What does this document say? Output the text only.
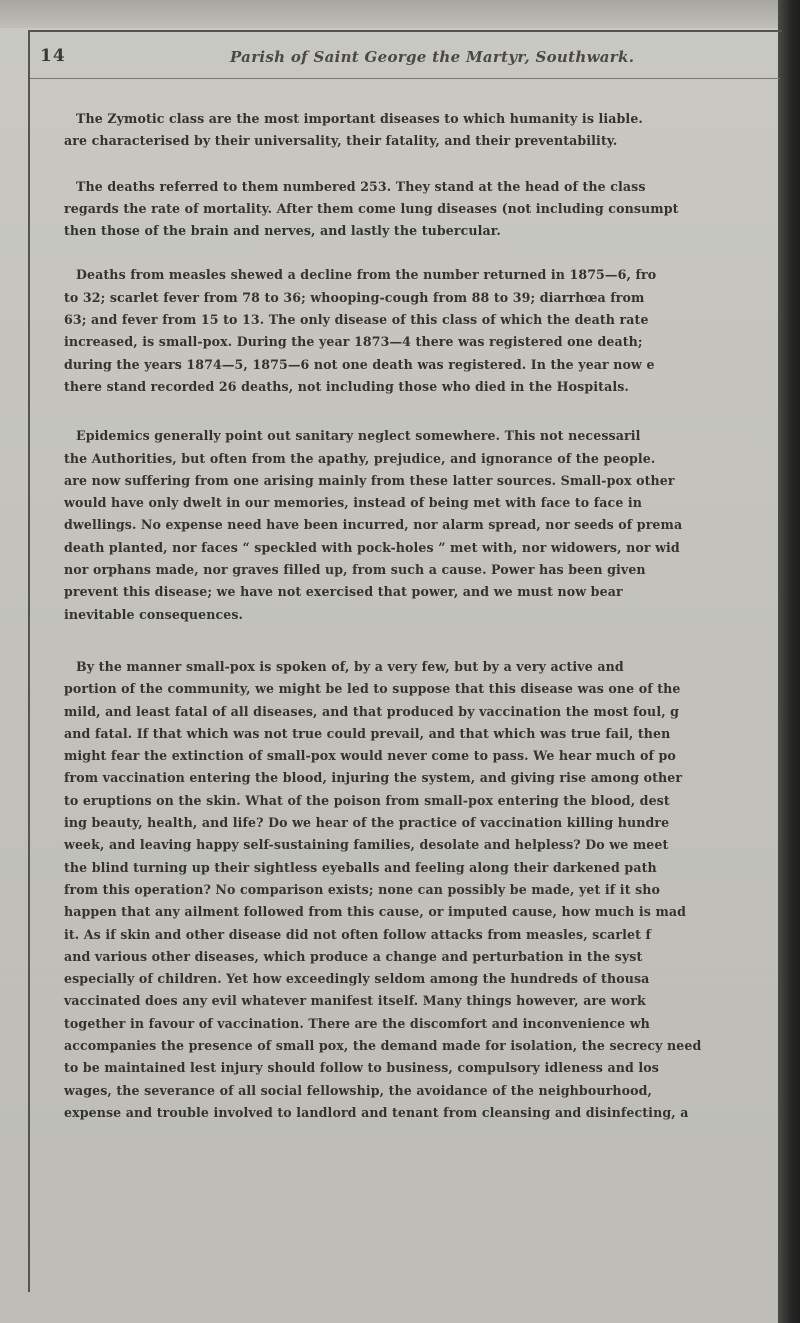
14	Parish of Saint George the Martyr, Southwark.
The Zymotic class are the most important diseases to which humanity is liable.
are characterised by their universality, their fatality, and their preventability.
The deaths referred to them numbered 253. They stand at the head of the class
regards the rate of mortality. After them come lung diseases (not including consumpt
then those of the brain and nerves, and lastly the tubercular.
Deaths from measles shewed a decline from the number returned in 1875—6, fro
to 32; scarlet fever from 78 to 36; whooping-cough from 88 to 39; diarrhœa from
63; and fever from 15 to 13. The only disease of this class of which the death rate
increased, is small-pox. During the year 1873—4 there was registered one death;
during the years 1874—5, 1875—6 not one death was registered. In the year now e
there stand recorded 26 deaths, not including those who died in the Hospitals.
Epidemics generally point out sanitary neglect somewhere. This not necessaril
the Authorities, but often from the apathy, prejudice, and ignorance of the people.
are now suffering from one arising mainly from these latter sources. Small-pox other
would have only dwelt in our memories, instead of being met with face to face in
dwellings. No expense need have been incurred, nor alarm spread, nor seeds of prema
death planted, nor faces “ speckled with pock-holes ” met with, nor widowers, nor wid
nor orphans made, nor graves filled up, from such a cause. Power has been given
prevent this disease; we have not exercised that power, and we must now bear
inevitable consequences.
By the manner small-pox is spoken of, by a very few, but by a very active and
portion of the community, we might be led to suppose that this disease was one of the
mild, and least fatal of all diseases, and that produced by vaccination the most foul, g
and fatal. If that which was not true could prevail, and that which was true fail, then
might fear the extinction of small-pox would never come to pass. We hear much of po
from vaccination entering the blood, injuring the system, and giving rise among other
to eruptions on the skin. What of the poison from small-pox entering the blood, dest
ing beauty, health, and life? Do we hear of the practice of vaccination killing hundre
week, and leaving happy self-sustaining families, desolate and helpless? Do we meet
the blind turning up their sightless eyeballs and feeling along their darkened path
from this operation? No comparison exists; none can possibly be made, yet if it sho
happen that any ailment followed from this cause, or imputed cause, how much is mad
it. As if skin and other disease did not often follow attacks from measles, scarlet f
and various other diseases, which produce a change and perturbation in the syst
especially of children. Yet how exceedingly seldom among the hundreds of thousa
vaccinated does any evil whatever manifest itself. Many things however, are work
together in favour of vaccination. There are the discomfort and inconvenience wh
accompanies the presence of small pox, the demand made for isolation, the secrecy need
to be maintained lest injury should follow to business, compulsory idleness and los
wages, the severance of all social fellowship, the avoidance of the neighbourhood,
expense and trouble involved to landlord and tenant from cleansing and disinfecting, a
